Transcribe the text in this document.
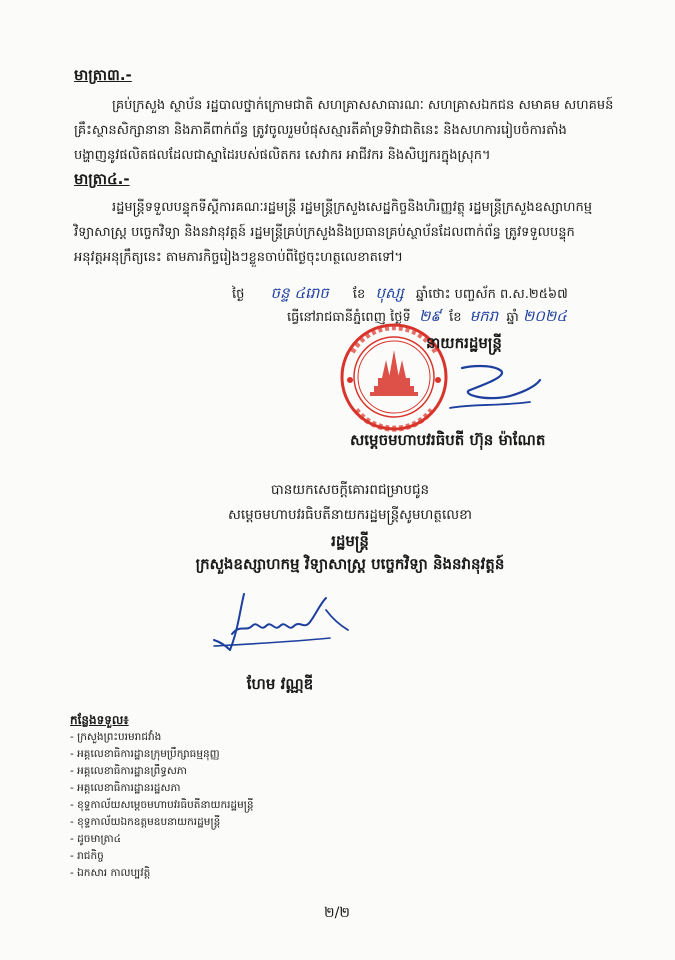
មាត្រា៣.-

គ្រប់ក្រសួង ស្ថាប័ន រដ្ឋបាលថ្នាក់ក្រោមជាតិ សហគ្រាសសាធារណៈ សហគ្រាសឯកជន សមាគម សហគមន៍

គ្រឹះស្ថានសិក្សានានា និងភាគីពាក់ព័ន្ធ ត្រូវចូលរួមបំផុសស្មារតីគាំទ្រទិវាជាតិនេះ និងសហការរៀបចំការតាំង

បង្ហាញនូវផលិតផលដែលជាស្នាដៃរបស់ផលិតករ សេវាករ អាជីវករ និងសិប្បករក្នុងស្រុក។

មាត្រា៤.-

រដ្ឋមន្ត្រីទទួលបន្ទុកទីស្ដីការគណៈរដ្ឋមន្ត្រី រដ្ឋមន្ត្រីក្រសួងសេដ្ឋកិច្ចនិងហិរញ្ញវត្ថុ រដ្ឋមន្ត្រីក្រសួងឧស្សាហកម្ម

វិទ្យាសាស្ត្រ បច្ចេកវិទ្យា និងនវានុវត្តន៍ រដ្ឋមន្ត្រីគ្រប់ក្រសួងនិងប្រធានគ្រប់ស្ថាប័នដែលពាក់ព័ន្ធ ត្រូវទទួលបន្ទុក

អនុវត្តអនុក្រឹត្យនេះ តាមភារកិច្ចរៀងៗខ្លួនចាប់ពីថ្ងៃចុះហត្ថលេខាតទៅ។

ថ្ងៃ ចន្ទ ៤រោច ខែ បុស្ស ឆ្នាំថោះ បញ្ចស័ក ព.ស.២៥៦៧
ធ្វើនៅរាជធានីភ្នំពេញ ថ្ងៃទី ២៩ ខែ មករា ឆ្នាំ ២០២៤
នាយករដ្ឋមន្ត្រី
សម្តេចមហាបវរធិបតី ហ៊ុន ម៉ាណែត
បានយកសេចក្តីគោរពជម្រាបជូន
សម្តេចមហាបវរធិបតីនាយករដ្ឋមន្ត្រីសូមហត្ថលេខា
រដ្ឋមន្ត្រី
ក្រសួងឧស្សាហកម្ម វិទ្យាសាស្ត្រ បច្ចេកវិទ្យា និងនវានុវត្តន៍
ហែម វណ្ណឌី
កន្លែងទទួល៖
- ក្រសួងព្រះបរមរាជវាំង
- អគ្គលេខាធិការដ្ឋានក្រុមប្រឹក្សាធម្មនុញ្ញ
- អគ្គលេខាធិការដ្ឋានព្រឹទ្ធសភា
- អគ្គលេខាធិការដ្ឋានរដ្ឋសភា
- ខុទ្ទកាល័យសម្តេចមហាបវរធិបតីនាយករដ្ឋមន្ត្រី
- ខុទ្ទកាល័យឯកឧត្តមឧបនាយករដ្ឋមន្ត្រី
- ដូចមាត្រា៤
- រាជកិច្ច
- ឯកសារ កាលប្បវត្តិ
២/២
